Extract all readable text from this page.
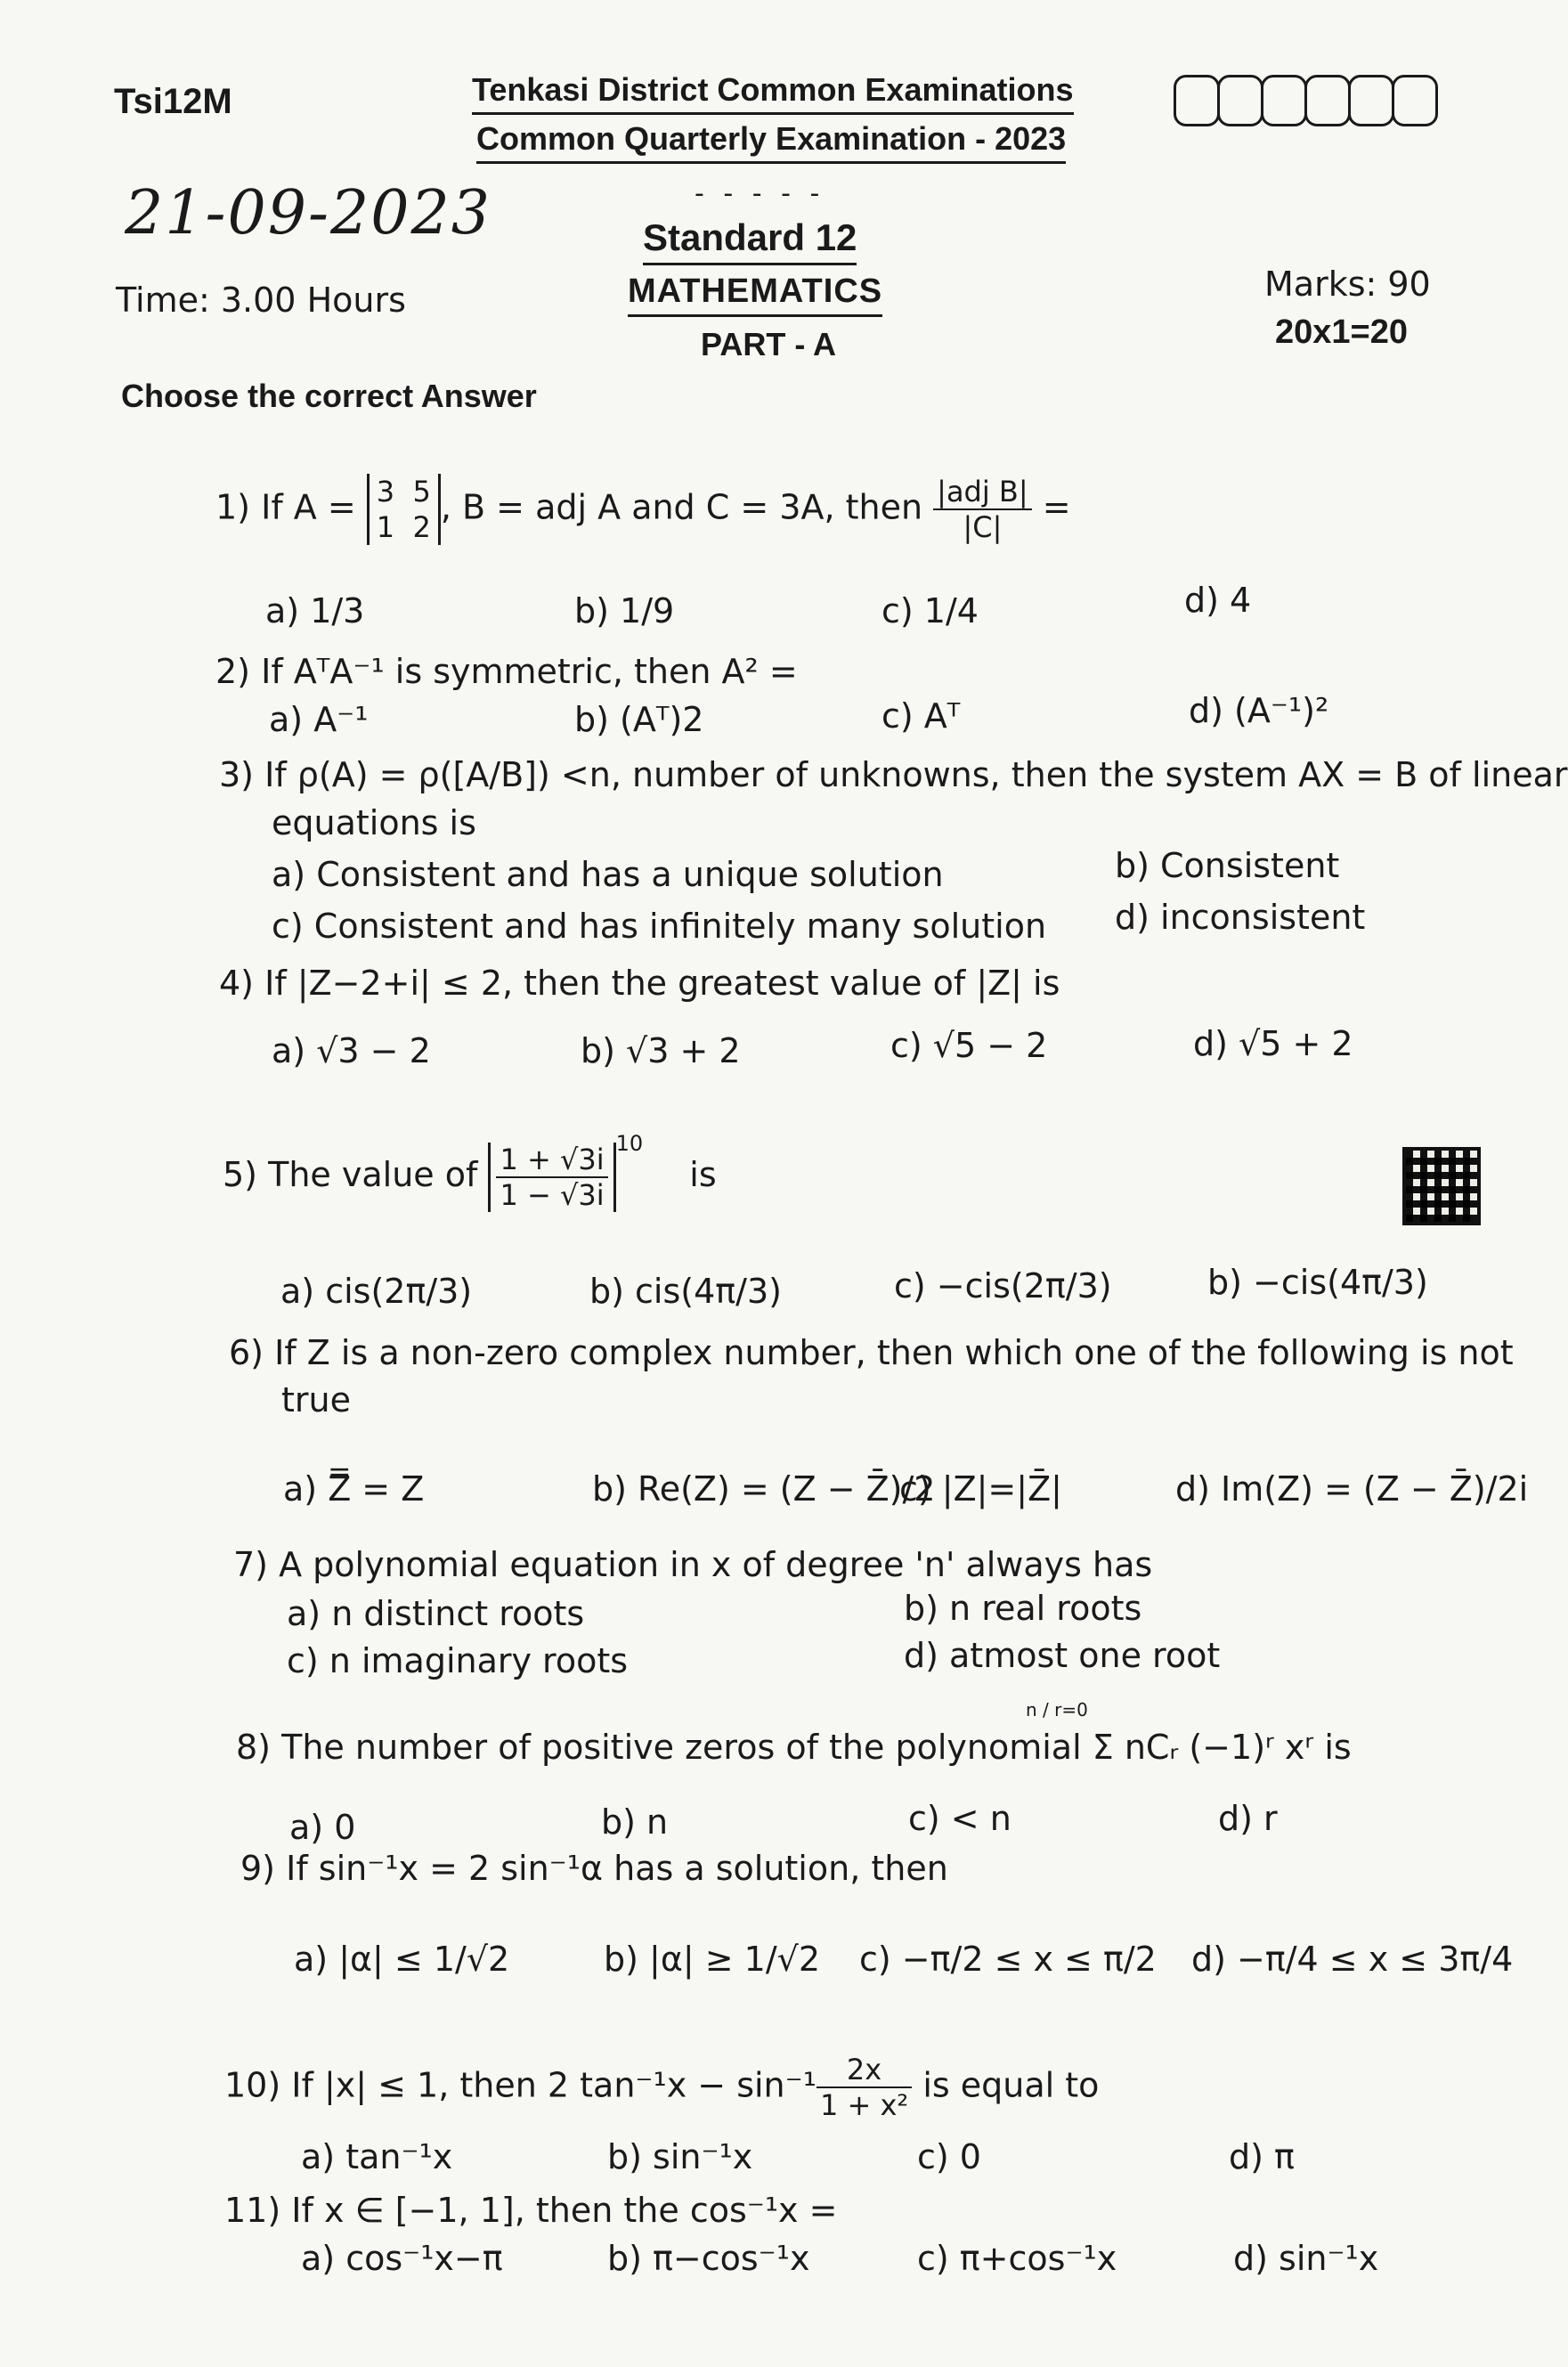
Tsi12M	Tenkasi District Common Examinations
Common Quarterly Examination - 2023
21-09-2023	- - - - -
Standard 12
MATHEMATICS
PART - A
Time: 3.00 Hours	Marks: 90
20x1=20
Choose the correct Answer
1) If A = 3  5
1  2, B = adj A and C = 3A, then $\frac{\text{|adj B|}}{|C|}$ =
a) 1/3	b) 1/9	c) 1/4	d) 4
2) If AᵀA⁻¹ is symmetric, then A² =
a) A⁻¹	b) (Aᵀ)2	c) Aᵀ	d) (A⁻¹)²
3) If ρ(A) = ρ([A/B]) <n, number of unknowns, then the system AX = B of linear
equations is
a) Consistent and has a unique solution	b) Consistent
c) Consistent and has infinitely many solution d) inconsistent
4) If |Z−2+i| ≤ 2, then the greatest value of |Z| is
a) √3 − 2	b) √3 + 2	c) √5 − 2	d) √5 + 2
5) The value of $\frac{1 + √3i}{1 - √3i} ^{10}$ is
a) cis(2π/3)	b) cis(4π/3)	c) −cis(2π/3)	b) −cis(4π/3)
6) If Z is a non-zero complex number, then which one of the following is not
true
a) Z̿ = Z	b) Re(Z) = (Z − Z̄)/2
c) |Z|=|Z̄|	d) Im(Z) = (Z − Z̄)/2i
7) A polynomial equation in x of degree 'n' always has
a) n distinct roots	b) n real roots
c) n imaginary roots	d) atmost one root
8) The number of positive zeros of the polynomial Σ nCᵣ (−1)ʳ xʳ is
n / r=0
a) 0	b) n	c) < n	d) r
9) If sin⁻¹x = 2 sin⁻¹α has a solution, then
a) |α| ≤ 1/√2	b) |α| ≥ 1/√2 c) −π/2 ≤ x ≤ π/2 d) −π/4 ≤ x ≤ 3π/4
10) If |x| ≤ 1, then 2 $\tan^{-1}x - \sin^{-1} \frac{2x}{\text{1 + x²}}$ is equal to
a) tan⁻¹x	b) sin⁻¹x	c) 0	d) π
11) If x ∈ [−1, 1], then the cos⁻¹x =
a) cos⁻¹x−π	b) π−cos⁻¹x	c) π+cos⁻¹x	d) sin⁻¹x
